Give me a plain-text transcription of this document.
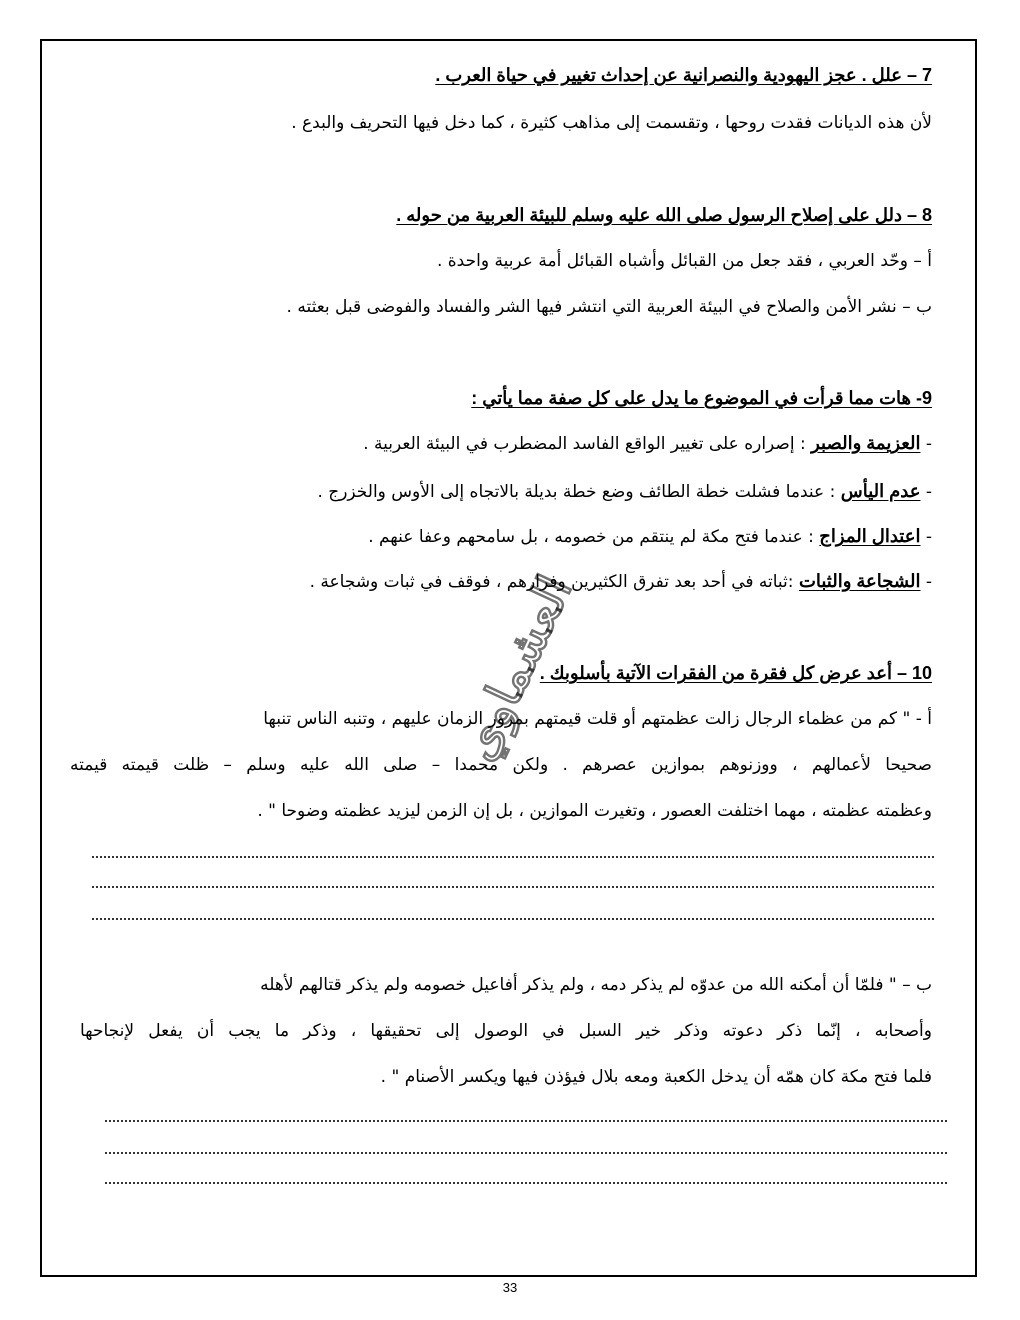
7 – علل . عجز اليهودية والنصرانية عن إحداث تغيير في حياة العرب .
لأن هذه الديانات فقدت روحها ، وتقسمت إلى مذاهب كثيرة ، كما دخل فيها التحريف والبدع .
8 – دلل على إصلاح الرسول صلى الله عليه وسلم للبيئة العربية من حوله .
أ – وحّد العربي ، فقد جعل من القبائل وأشباه القبائل أمة عربية واحدة .
ب – نشر الأمن والصلاح في البيئة العربية التي انتشر فيها الشر والفساد والفوضى قبل بعثته .
9- هات مما قرأت في الموضوع ما يدل على كل صفة مما يأتي :
- العزيمة والصبر : إصراره على تغيير الواقع الفاسد المضطرب في البيئة العربية .
- عدم اليأس : عندما فشلت خطة الطائف وضع خطة بديلة بالاتجاه إلى الأوس والخزرج .
- اعتدال المزاج : عندما فتح مكة لم ينتقم من خصومه ، بل سامحهم وعفا عنهم .
- الشجاعة والثبات :ثباته في أحد بعد تفرق الكثيرين وفرارهم ، فوقف في ثبات وشجاعة .
10 – أعد عرض كل فقرة من الفقرات الآتية بأسلوبك .
أ - " كم من عظماء الرجال زالت عظمتهم أو قلت قيمتهم بمرور الزمان عليهم ، وتنبه الناس تنبها
صحيحا لأعمالهم ، ووزنوهم بموازين عصرهم . ولكن محمدا – صلى الله عليه وسلم – ظلت قيمته قيمته
وعظمته عظمته ، مهما اختلفت العصور ، وتغيرت الموازين ، بل إن الزمن ليزيد عظمته وضوحا " .
ب – " فلمّا أن أمكنه الله من عدوّه لم يذكر دمه ، ولم يذكر أفاعيل خصومه ولم يذكر قتالهم لأهله
وأصحابه ، إنّما ذكر دعوته وذكر خير السبل في الوصول إلى تحقيقها ، وذكر ما يجب أن يفعل لإنجاحها
فلما فتح مكة كان همّه أن يدخل الكعبة ومعه بلال فيؤذن فيها ويكسر الأصنام " .
العشماوي
33
